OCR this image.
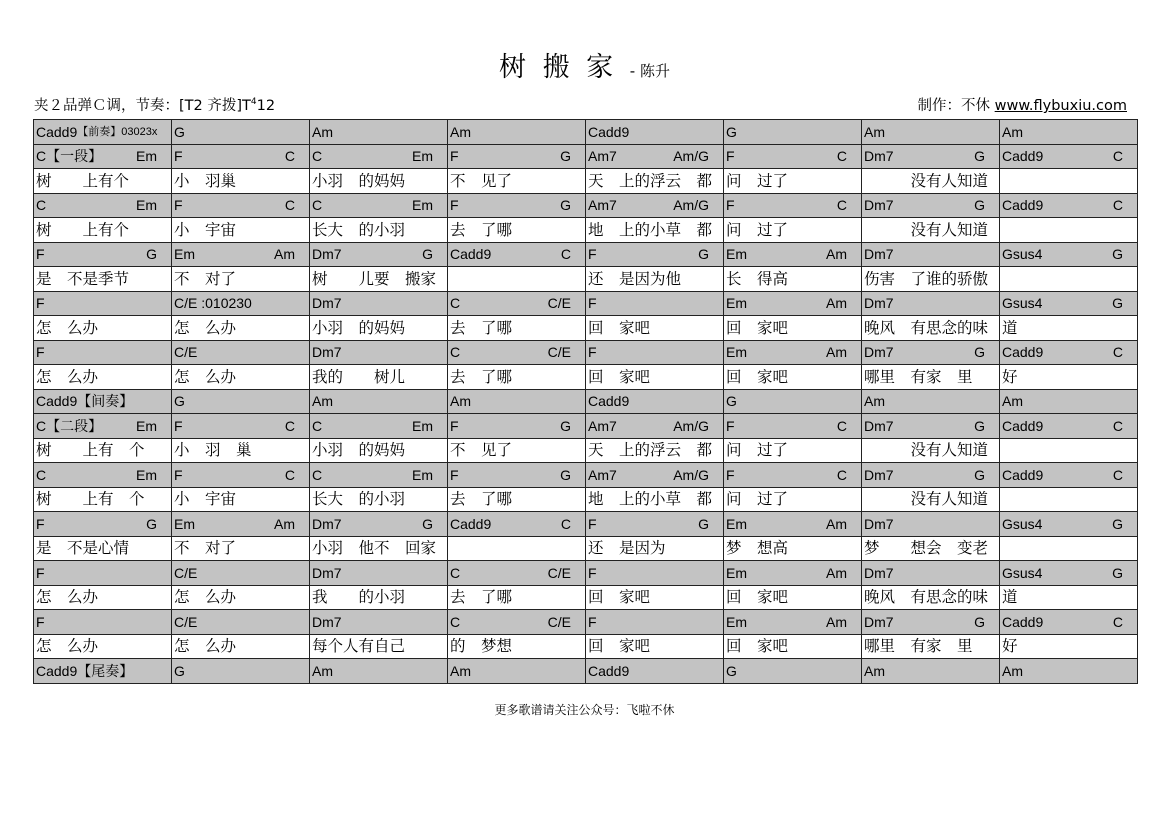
树 搬 家 - 陈升
夹２品弹Ｃ调，节奏：[T2 齐拨]$T^412$	制作：不休 www.flybuxiu.com
Cadd9 【前奏】03023x	G	Am	Am	Cadd9	G	Am	Am

C【一段】 Em	F C	C Em	F G	Am7 Am/G	F C	Dm7 G	Cadd9 C

树　　上有个	小　羽巢	小羽　的妈妈	不　见了	天　上的浮云　都	问　过了	　　　没有人知道	

C Em	F C	C Em	F G	Am7 Am/G	F C	Dm7 G	Cadd9 C

树　　上有个	小　宇宙	长大　的小羽	去　了哪	地　上的小草　都	问　过了	　　　没有人知道	

F G	Em Am	Dm7 G	Cadd9 C	F G	Em Am	Dm7	Gsus4 G

是　不是季节	不　对了	树　　儿要　搬家		还　是因为他	长　得高	伤害　了谁的骄傲	

F	C/E :010230	Dm7	C C/E	F	Em Am	Dm7	Gsus4 G

怎　么办	怎　么办	小羽　的妈妈	去　了哪	回　家吧	回　家吧	晚风　有思念的味	道

F	C/E	Dm7	C C/E	F	Em Am	Dm7 G	Cadd9 C

怎　么办	怎　么办	我的　　树儿	去　了哪	回　家吧	回　家吧	哪里　有家　里	好

Cadd9【间奏】	G	Am	Am	Cadd9	G	Am	Am

C【二段】 Em	F C	C Em	F G	Am7 Am/G	F C	Dm7 G	Cadd9 C

树　　上有　个	小　羽　巢	小羽　的妈妈	不　见了	天　上的浮云　都	问　过了	　　　没有人知道	

C Em	F C	C Em	F G	Am7 Am/G	F C	Dm7 G	Cadd9 C

树　　上有　个	小　宇宙	长大　的小羽	去　了哪	地　上的小草　都	问　过了	　　　没有人知道	

F G	Em Am	Dm7 G	Cadd9 C	F G	Em Am	Dm7	Gsus4 G

是　不是心情	不　对了	小羽　他不　回家		还　是因为	梦　想高	梦　　想会　变老	

F	C/E	Dm7	C C/E	F	Em Am	Dm7	Gsus4 G

怎　么办	怎　么办	我　　的小羽	去　了哪	回　家吧	回　家吧	晚风　有思念的味	道

F	C/E	Dm7	C C/E	F	Em Am	Dm7 G	Cadd9 C

怎　么办	怎　么办	每个人有自己	的　梦想	回　家吧	回　家吧	哪里　有家　里	好

Cadd9【尾奏】	G	Am	Am	Cadd9	G	Am	Am
更多歌谱请关注公众号：飞啦不休
